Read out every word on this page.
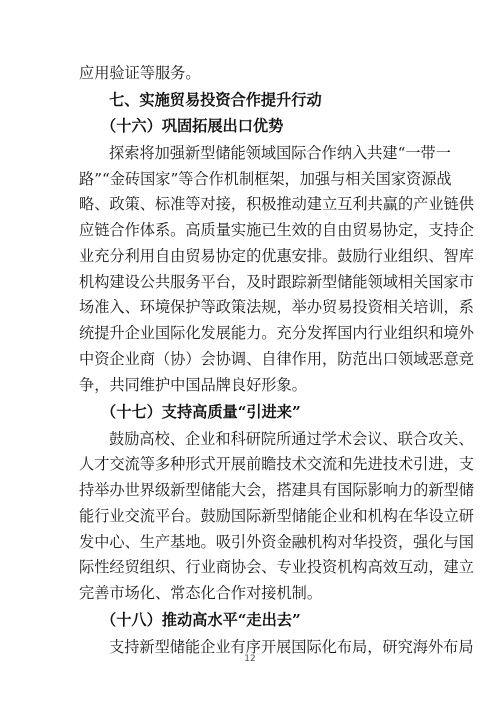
应用验证等服务。
七、实施贸易投资合作提升行动
（十六）巩固拓展出口优势
探索将加强新型储能领域国际合作纳入共建“一带一
路”“金砖国家”等合作机制框架，加强与相关国家资源战
略、政策、标准等对接，积极推动建立互利共赢的产业链供
应链合作体系。高质量实施已生效的自由贸易协定，支持企
业充分利用自由贸易协定的优惠安排。鼓励行业组织、智库
机构建设公共服务平台，及时跟踪新型储能领域相关国家市
场准入、环境保护等政策法规，举办贸易投资相关培训，系
统提升企业国际化发展能力。充分发挥国内行业组织和境外
中资企业商（协）会协调、自律作用，防范出口领域恶意竞
争，共同维护中国品牌良好形象。
（十七）支持高质量“引进来”
鼓励高校、企业和科研院所通过学术会议、联合攻关、
人才交流等多种形式开展前瞻技术交流和先进技术引进，支
持举办世界级新型储能大会，搭建具有国际影响力的新型储
能行业交流平台。鼓励国际新型储能企业和机构在华设立研
发中心、生产基地。吸引外资金融机构对华投资，强化与国
际性经贸组织、行业商协会、专业投资机构高效互动，建立
完善市场化、常态化合作对接机制。
（十八）推动高水平“走出去”
支持新型储能企业有序开展国际化布局，研究海外布局
12
